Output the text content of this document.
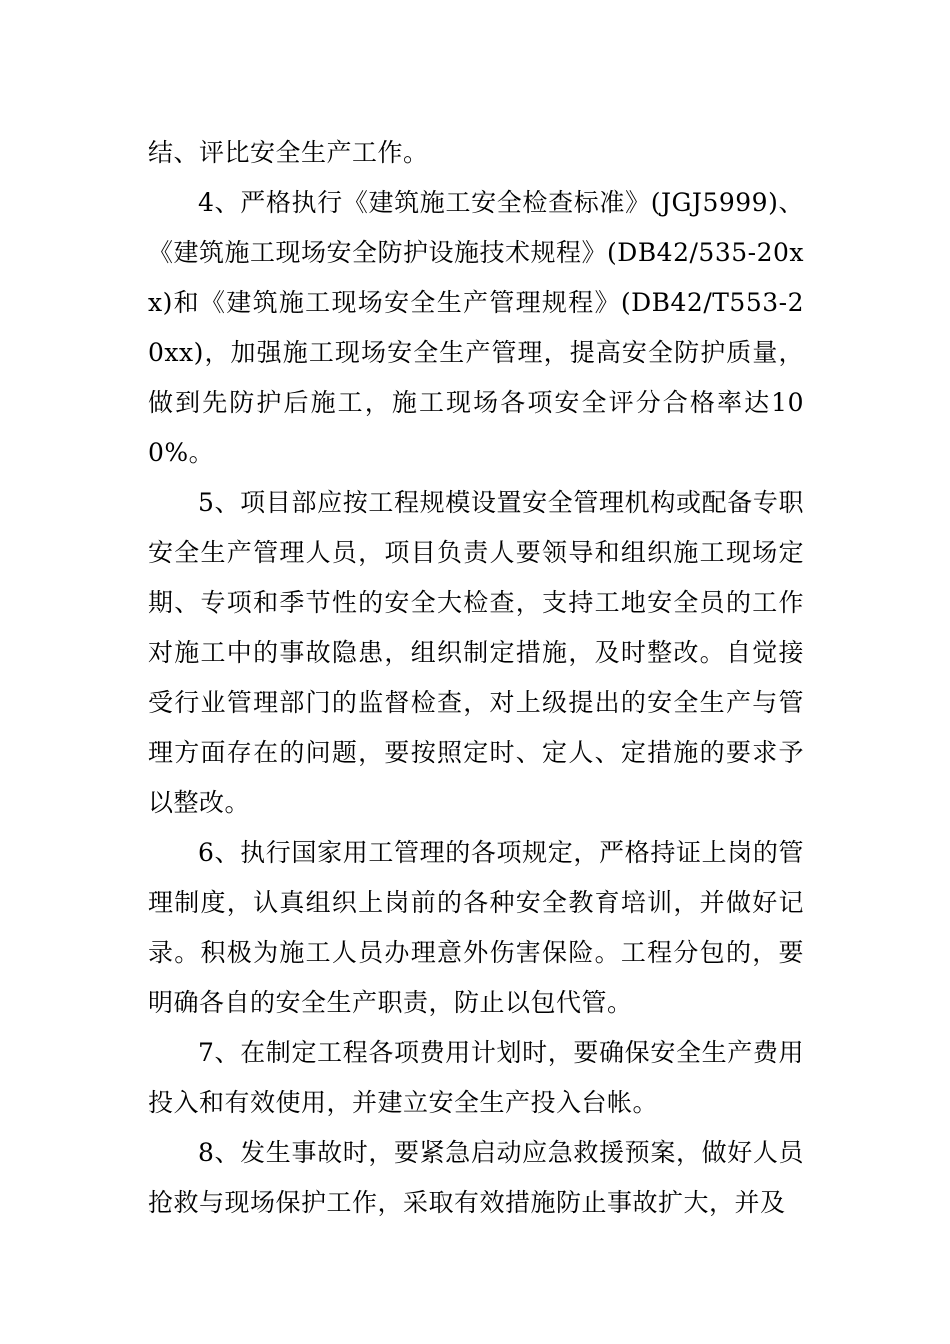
结、评比安全生产工作。

4、严格执行《建筑施工安全检查标准》(JGJ5999)、《建筑施工现场安全防护设施技术规程》(DB42/535-20xx)和《建筑施工现场安全生产管理规程》(DB42/T553-20xx)，加强施工现场安全生产管理，提高安全防护质量，做到先防护后施工，施工现场各项安全评分合格率达100%。

5、项目部应按工程规模设置安全管理机构或配备专职安全生产管理人员，项目负责人要领导和组织施工现场定期、专项和季节性的安全大检查，支持工地安全员的工作对施工中的事故隐患，组织制定措施，及时整改。自觉接受行业管理部门的监督检查，对上级提出的安全生产与管理方面存在的问题，要按照定时、定人、定措施的要求予以整改。

6、执行国家用工管理的各项规定，严格持证上岗的管理制度，认真组织上岗前的各种安全教育培训，并做好记录。积极为施工人员办理意外伤害保险。工程分包的，要明确各自的安全生产职责，防止以包代管。

7、在制定工程各项费用计划时，要确保安全生产费用投入和有效使用，并建立安全生产投入台帐。

8、发生事故时，要紧急启动应急救援预案，做好人员抢救与现场保护工作，采取有效措施防止事故扩大，并及
